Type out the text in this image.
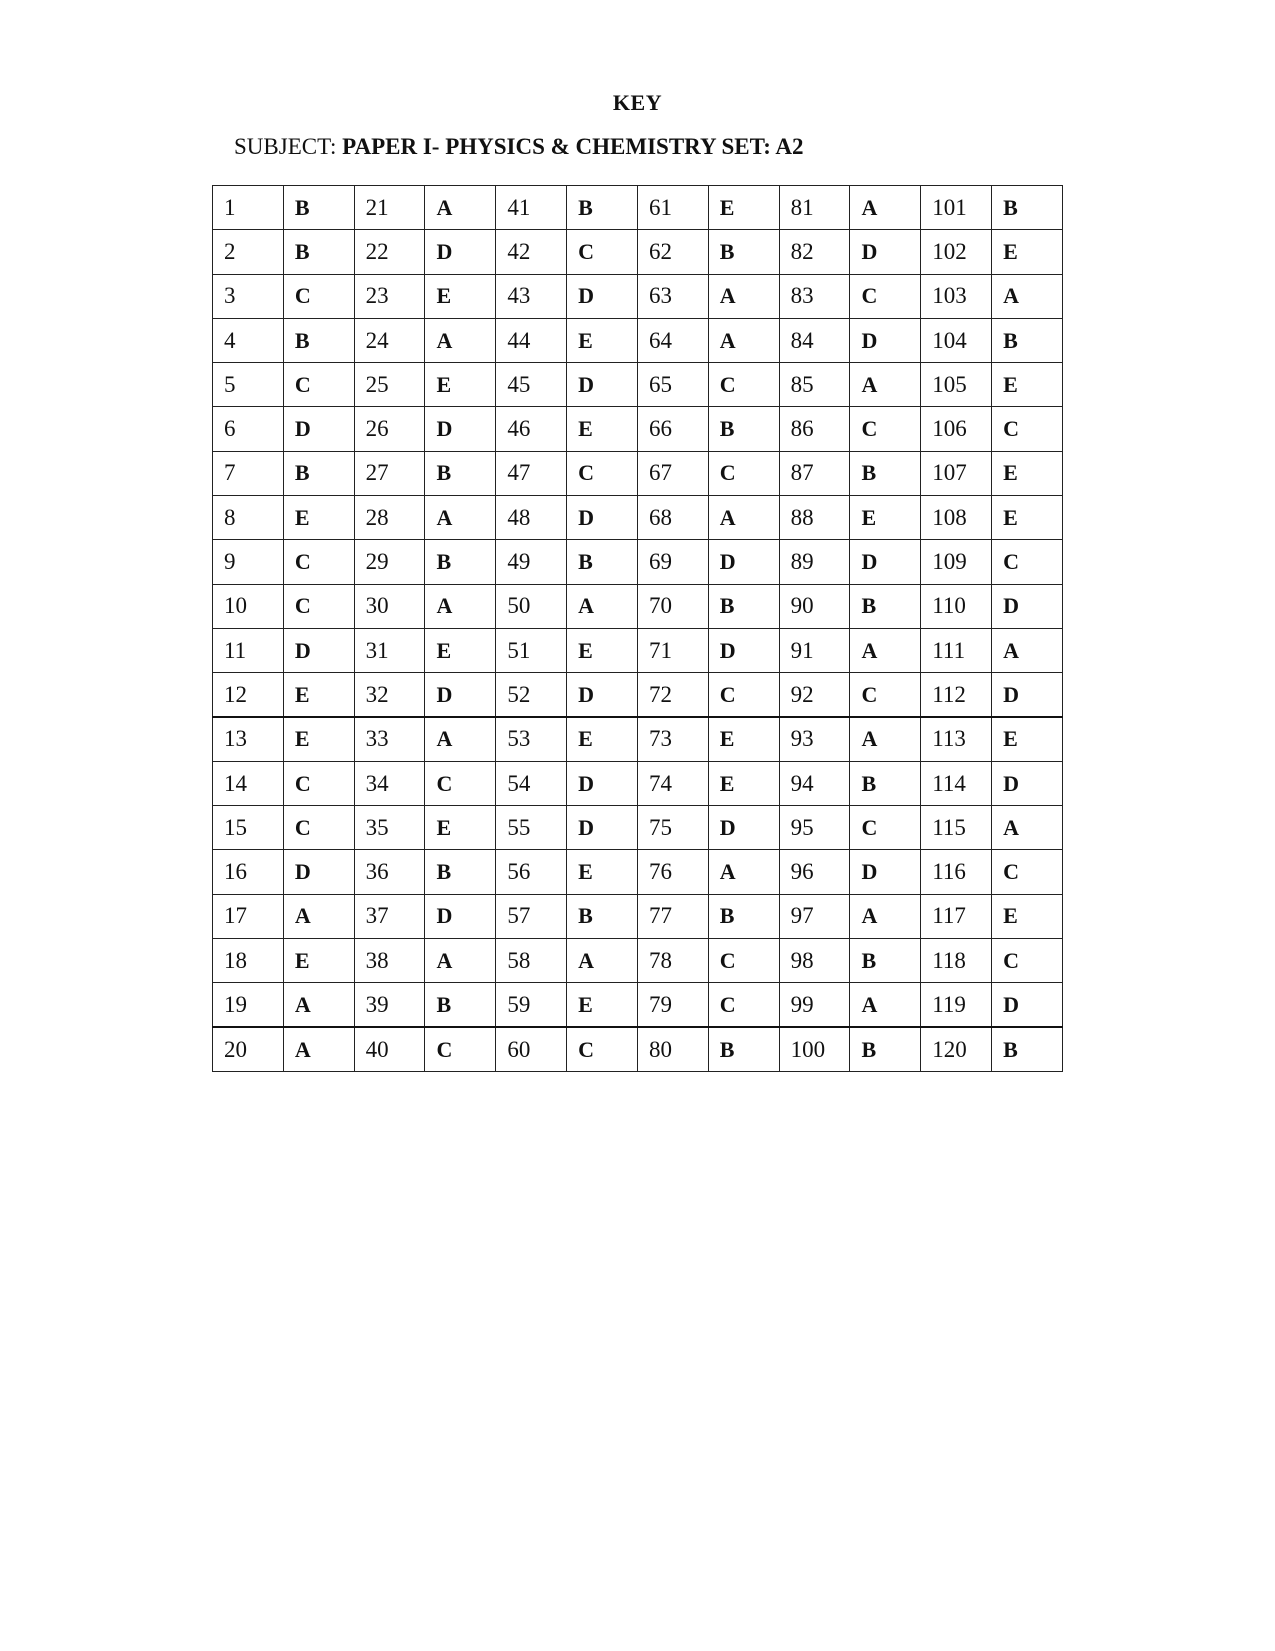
KEY
SUBJECT: PAPER I- PHYSICS & CHEMISTRY SET: A2
1	B	21	A	41	B	61	E	81	A	101	B
2	B	22	D	42	C	62	B	82	D	102	E
3	C	23	E	43	D	63	A	83	C	103	A
4	B	24	A	44	E	64	A	84	D	104	B
5	C	25	E	45	D	65	C	85	A	105	E
6	D	26	D	46	E	66	B	86	C	106	C
7	B	27	B	47	C	67	C	87	B	107	E
8	E	28	A	48	D	68	A	88	E	108	E
9	C	29	B	49	B	69	D	89	D	109	C
10	C	30	A	50	A	70	B	90	B	110	D
11	D	31	E	51	E	71	D	91	A	111	A
12	E	32	D	52	D	72	C	92	C	112	D
13	E	33	A	53	E	73	E	93	A	113	E
14	C	34	C	54	D	74	E	94	B	114	D
15	C	35	E	55	D	75	D	95	C	115	A
16	D	36	B	56	E	76	A	96	D	116	C
17	A	37	D	57	B	77	B	97	A	117	E
18	E	38	A	58	A	78	C	98	B	118	C
19	A	39	B	59	E	79	C	99	A	119	D
20	A	40	C	60	C	80	B	100	B	120	B
